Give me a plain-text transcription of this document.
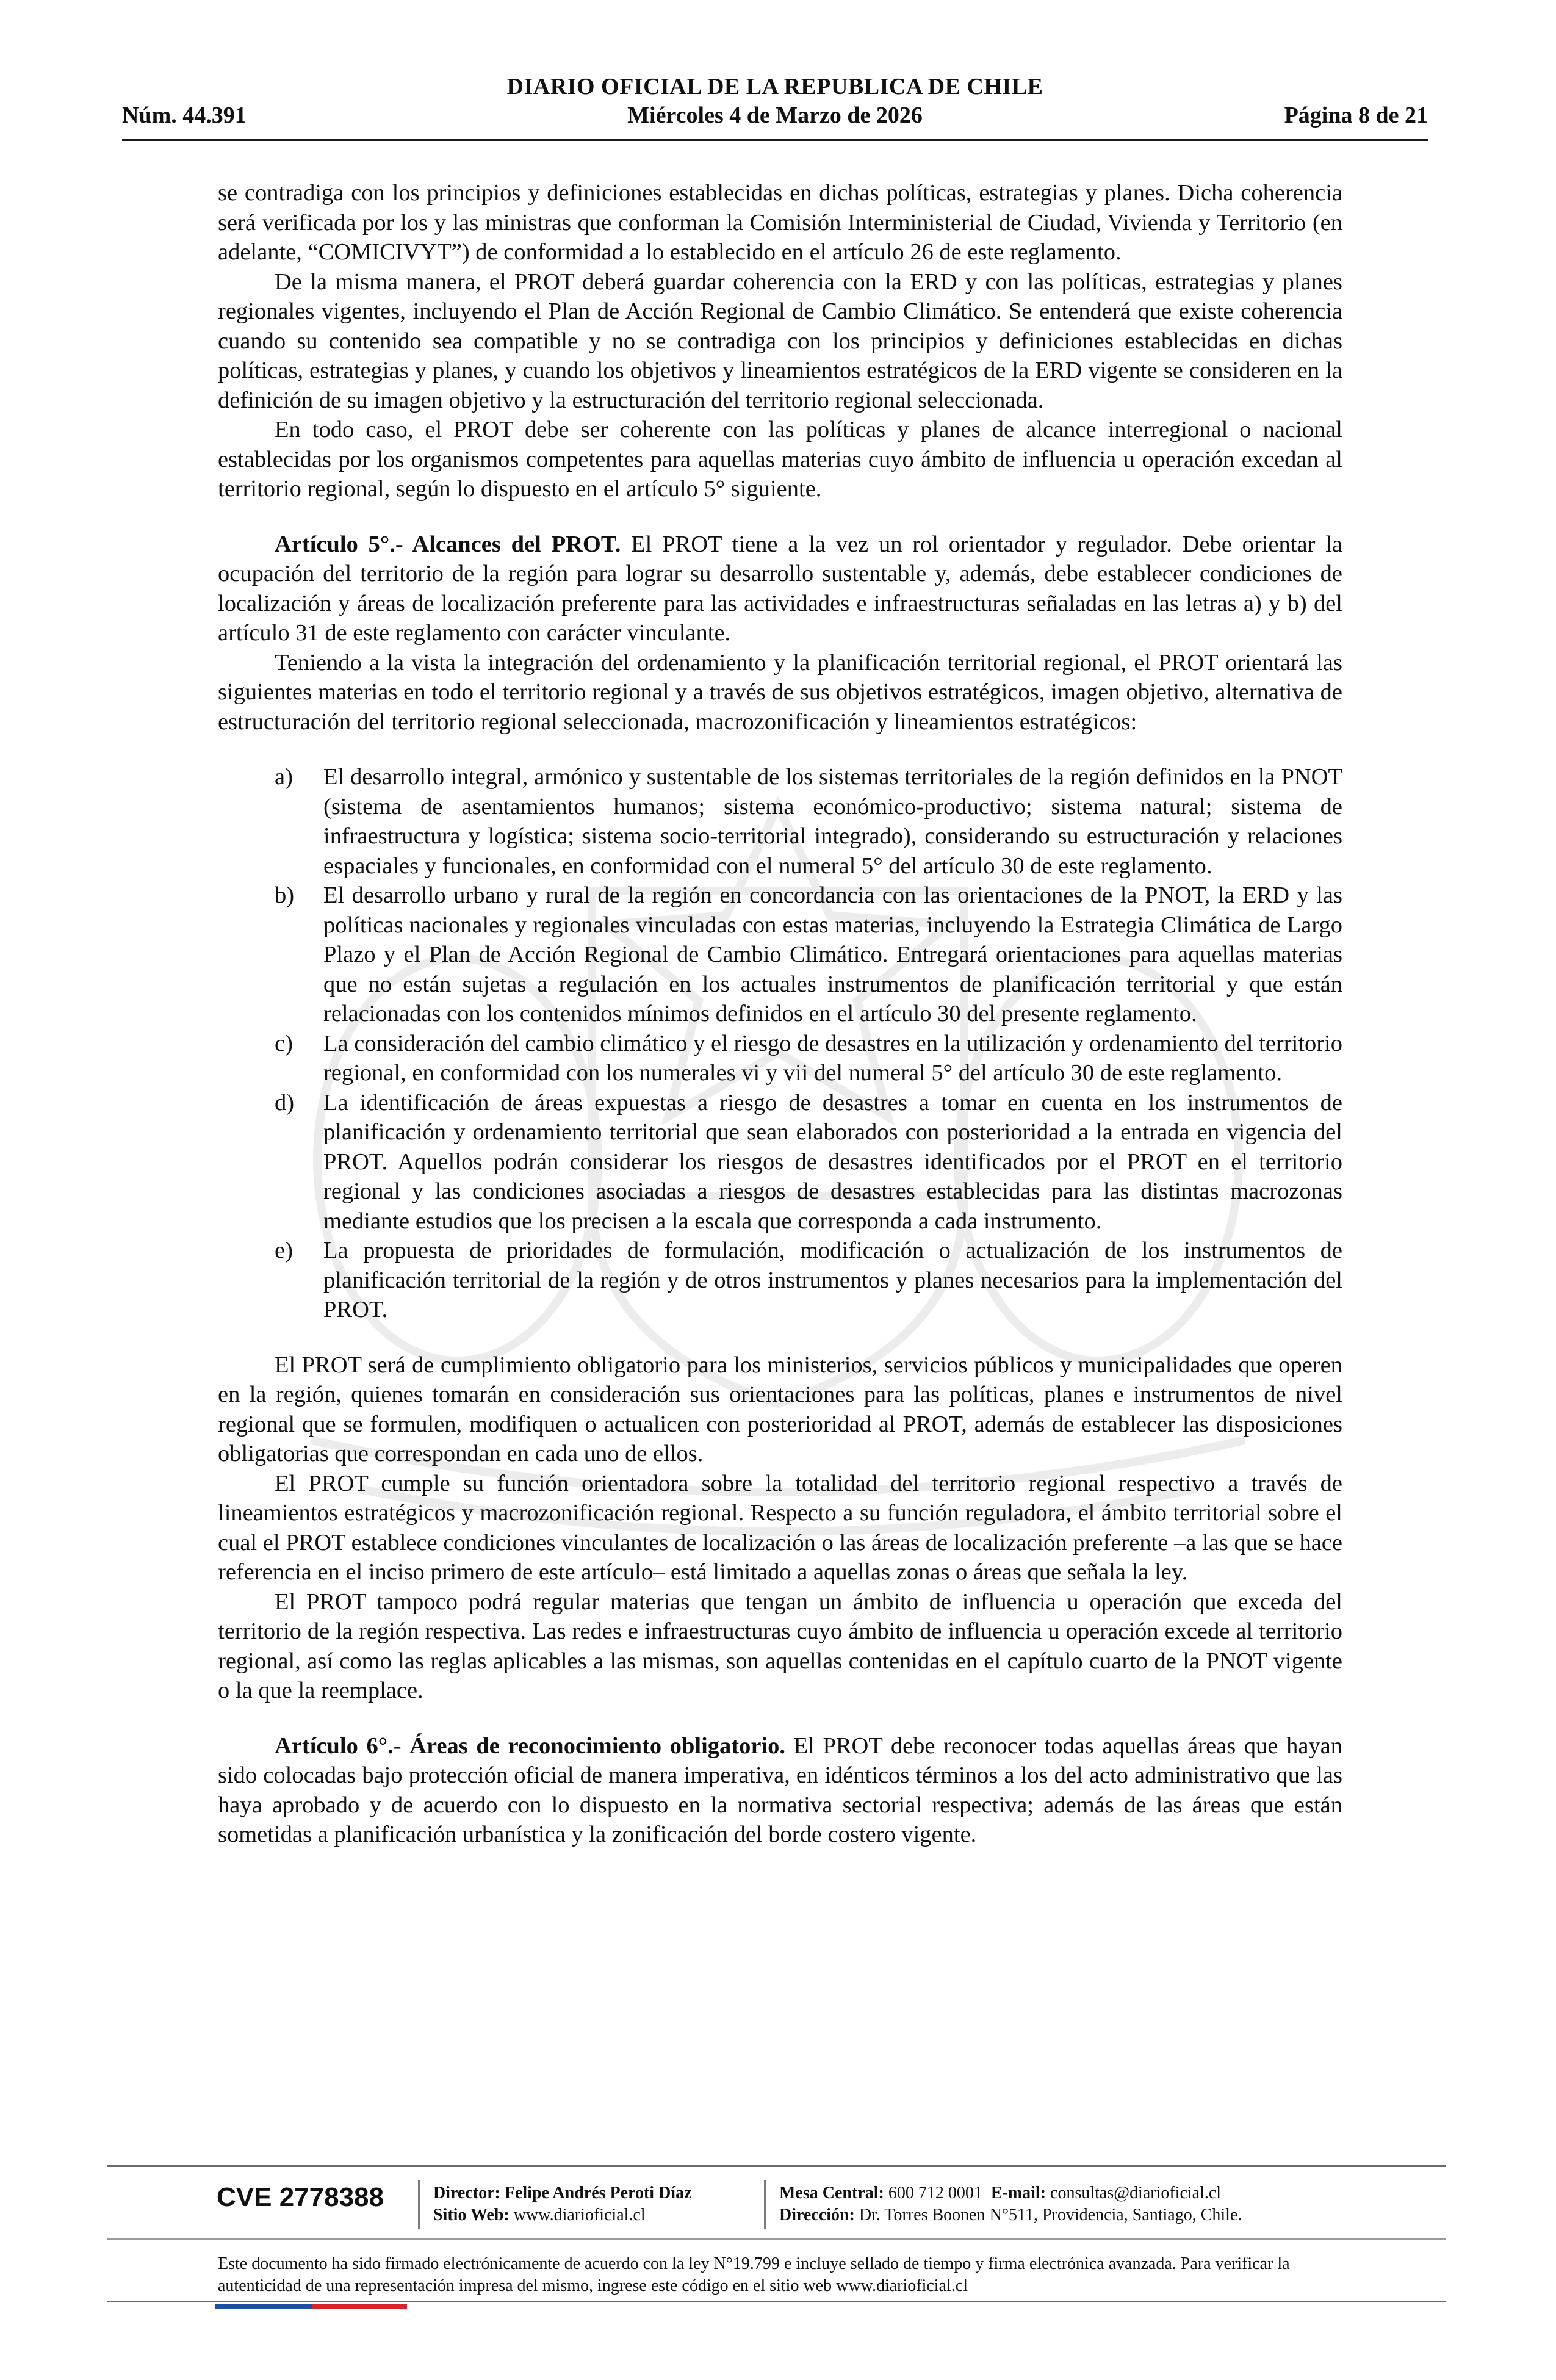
DIARIO OFICIAL DE LA REPUBLICA DE CHILE
Núm. 44.391	Miércoles 4 de Marzo de 2026	Página 8 de 21

se contradiga con los principios y definiciones establecidas en dichas políticas, estrategias y planes. Dicha coherencia será verificada por los y las ministras que conforman la Comisión Interministerial de Ciudad, Vivienda y Territorio (en adelante, “COMICIVYT”) de conformidad a lo establecido en el artículo 26 de este reglamento.

De la misma manera, el PROT deberá guardar coherencia con la ERD y con las políticas, estrategias y planes regionales vigentes, incluyendo el Plan de Acción Regional de Cambio Climático. Se entenderá que existe coherencia cuando su contenido sea compatible y no se contradiga con los principios y definiciones establecidas en dichas políticas, estrategias y planes, y cuando los objetivos y lineamientos estratégicos de la ERD vigente se consideren en la definición de su imagen objetivo y la estructuración del territorio regional seleccionada.

En todo caso, el PROT debe ser coherente con las políticas y planes de alcance interregional o nacional establecidas por los organismos competentes para aquellas materias cuyo ámbito de influencia u operación excedan al territorio regional, según lo dispuesto en el artículo 5° siguiente.

Artículo 5°.- Alcances del PROT. El PROT tiene a la vez un rol orientador y regulador. Debe orientar la ocupación del territorio de la región para lograr su desarrollo sustentable y, además, debe establecer condiciones de localización y áreas de localización preferente para las actividades e infraestructuras señaladas en las letras a) y b) del artículo 31 de este reglamento con carácter vinculante.

Teniendo a la vista la integración del ordenamiento y la planificación territorial regional, el PROT orientará las siguientes materias en todo el territorio regional y a través de sus objetivos estratégicos, imagen objetivo, alternativa de estructuración del territorio regional seleccionada, macrozonificación y lineamientos estratégicos:

a) El desarrollo integral, armónico y sustentable de los sistemas territoriales de la región definidos en la PNOT (sistema de asentamientos humanos; sistema económico-productivo; sistema natural; sistema de infraestructura y logística; sistema socio-territorial integrado), considerando su estructuración y relaciones espaciales y funcionales, en conformidad con el numeral 5° del artículo 30 de este reglamento.
b) El desarrollo urbano y rural de la región en concordancia con las orientaciones de la PNOT, la ERD y las políticas nacionales y regionales vinculadas con estas materias, incluyendo la Estrategia Climática de Largo Plazo y el Plan de Acción Regional de Cambio Climático. Entregará orientaciones para aquellas materias que no están sujetas a regulación en los actuales instrumentos de planificación territorial y que están relacionadas con los contenidos mínimos definidos en el artículo 30 del presente reglamento.
c) La consideración del cambio climático y el riesgo de desastres en la utilización y ordenamiento del territorio regional, en conformidad con los numerales vi y vii del numeral 5° del artículo 30 de este reglamento.
d) La identificación de áreas expuestas a riesgo de desastres a tomar en cuenta en los instrumentos de planificación y ordenamiento territorial que sean elaborados con posterioridad a la entrada en vigencia del PROT. Aquellos podrán considerar los riesgos de desastres identificados por el PROT en el territorio regional y las condiciones asociadas a riesgos de desastres establecidas para las distintas macrozonas mediante estudios que los precisen a la escala que corresponda a cada instrumento.
e) La propuesta de prioridades de formulación, modificación o actualización de los instrumentos de planificación territorial de la región y de otros instrumentos y planes necesarios para la implementación del PROT.

El PROT será de cumplimiento obligatorio para los ministerios, servicios públicos y municipalidades que operen en la región, quienes tomarán en consideración sus orientaciones para las políticas, planes e instrumentos de nivel regional que se formulen, modifiquen o actualicen con posterioridad al PROT, además de establecer las disposiciones obligatorias que correspondan en cada uno de ellos.

El PROT cumple su función orientadora sobre la totalidad del territorio regional respectivo a través de lineamientos estratégicos y macrozonificación regional. Respecto a su función reguladora, el ámbito territorial sobre el cual el PROT establece condiciones vinculantes de localización o las áreas de localización preferente –a las que se hace referencia en el inciso primero de este artículo– está limitado a aquellas zonas o áreas que señala la ley.

El PROT tampoco podrá regular materias que tengan un ámbito de influencia u operación que exceda del territorio de la región respectiva. Las redes e infraestructuras cuyo ámbito de influencia u operación excede al territorio regional, así como las reglas aplicables a las mismas, son aquellas contenidas en el capítulo cuarto de la PNOT vigente o la que la reemplace.

Artículo 6°.- Áreas de reconocimiento obligatorio. El PROT debe reconocer todas aquellas áreas que hayan sido colocadas bajo protección oficial de manera imperativa, en idénticos términos a los del acto administrativo que las haya aprobado y de acuerdo con lo dispuesto en la normativa sectorial respectiva; además de las áreas que están sometidas a planificación urbanística y la zonificación del borde costero vigente.

CVE 2778388	Director: Felipe Andrés Peroti Díaz
Sitio Web: www.diarioficial.cl
Mesa Central: 600 712 0001 E-mail: consultas@diarioficial.cl
Dirección: Dr. Torres Boonen N°511, Providencia, Santiago, Chile.
Este documento ha sido firmado electrónicamente de acuerdo con la ley N°19.799 e incluye sellado de tiempo y firma electrónica avanzada. Para verificar la autenticidad de una representación impresa del mismo, ingrese este código en el sitio web www.diarioficial.cl
